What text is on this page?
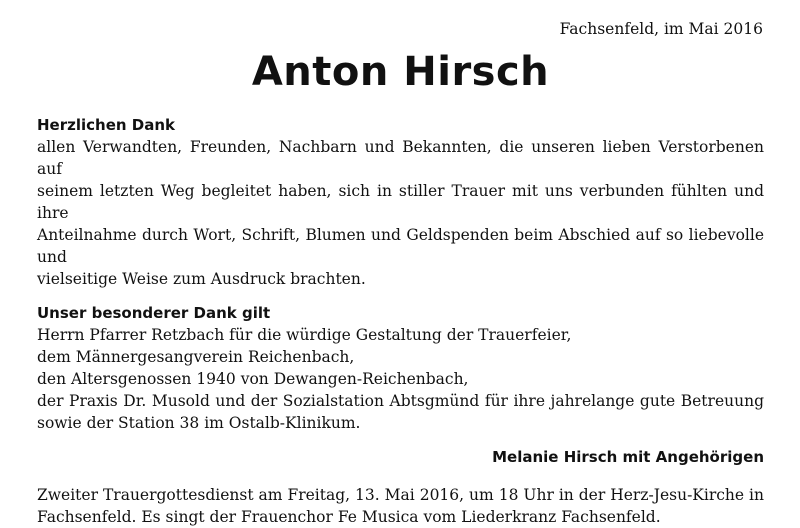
Fachsenfeld, im Mai 2016

Anton Hirsch
Herzlichen Dank
allen Verwandten, Freunden, Nachbarn und Bekannten, die unseren lieben Verstorbenen auf
seinem letzten Weg begleitet haben, sich in stiller Trauer mit uns verbunden fühlten und ihre
Anteilnahme durch Wort, Schrift, Blumen und Geldspenden beim Abschied auf so liebevolle und
vielseitige Weise zum Ausdruck brachten.
Unser besonderer Dank gilt
Herrn Pfarrer Retzbach für die würdige Gestaltung der Trauerfeier,
dem Männergesangverein Reichenbach,
den Altersgenossen 1940 von Dewangen-Reichenbach,
der Praxis Dr. Musold und der Sozialstation Abtsgmünd für ihre jahrelange gute Betreuung
sowie der Station 38 im Ostalb-Klinikum.
Melanie Hirsch mit Angehörigen
Zweiter Trauergottesdienst am Freitag, 13. Mai 2016, um 18 Uhr in der Herz-Jesu-Kirche in
Fachsenfeld. Es singt der Frauenchor Fe Musica vom Liederkranz Fachsenfeld.
